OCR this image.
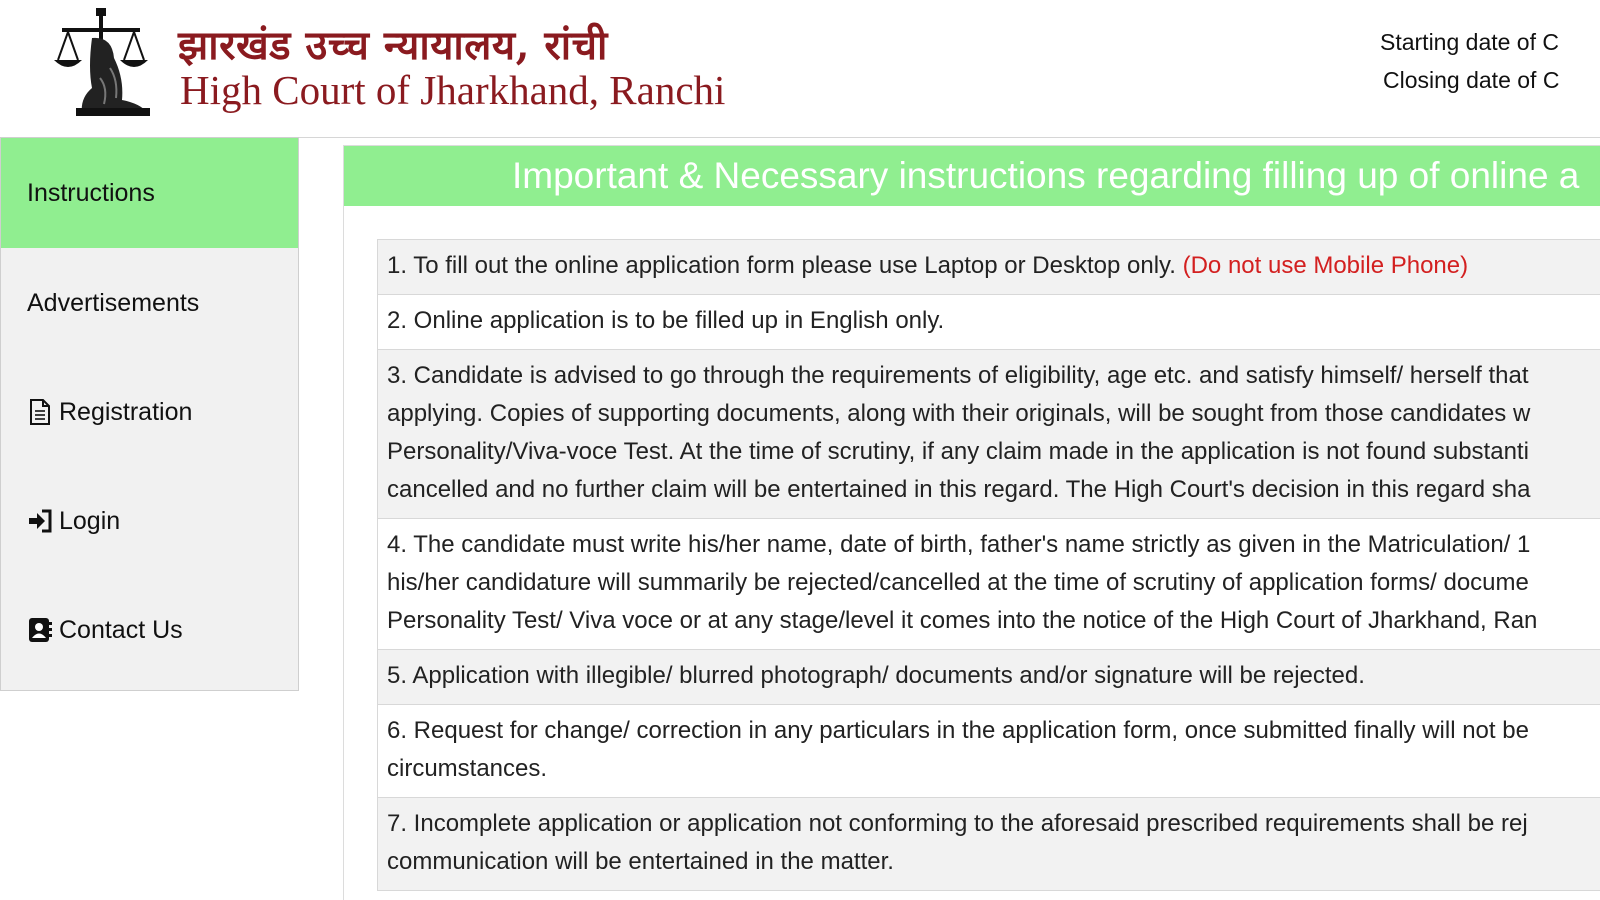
झारखंड उच्च न्यायालय, रांची
High Court of Jharkhand, Ranchi
Starting date of C
Closing date of C
Instructions
Advertisements
Registration
Login
Contact Us
Important & Necessary instructions regarding filling up of online a
1. To fill out the online application form please use Laptop or Desktop only. (Do not use Mobile Phone)
2. Online application is to be filled up in English only.
3. Candidate is advised to go through the requirements of eligibility, age etc. and satisfy himself/ herself that
applying. Copies of supporting documents, along with their originals, will be sought from those candidates w
Personality/Viva-voce Test. At the time of scrutiny, if any claim made in the application is not found substanti
cancelled and no further claim will be entertained in this regard. The High Court's decision in this regard sha
4. The candidate must write his/her name, date of birth, father's name strictly as given in the Matriculation/ 1
his/her candidature will summarily be rejected/cancelled at the time of scrutiny of application forms/ docume
Personality Test/ Viva voce or at any stage/level it comes into the notice of the High Court of Jharkhand, Ran
5. Application with illegible/ blurred photograph/ documents and/or signature will be rejected.
6. Request for change/ correction in any particulars in the application form, once submitted finally will not be
circumstances.
7. Incomplete application or application not conforming to the aforesaid prescribed requirements shall be rej
communication will be entertained in the matter.
